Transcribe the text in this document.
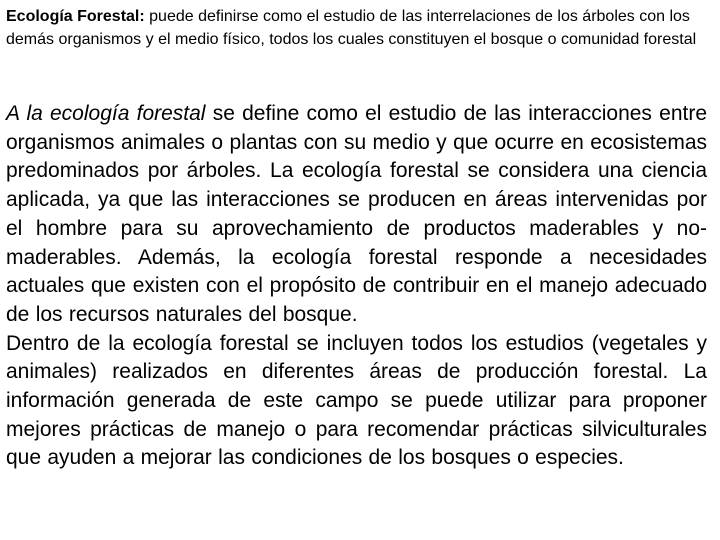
Ecología Forestal: puede definirse como el estudio de las interrelaciones de los árboles con los demás organismos y el medio físico, todos los cuales constituyen el bosque o comunidad forestal

A la ecología forestal se define como el estudio de las interacciones entre organismos animales o plantas con su medio y que ocurre en ecosistemas predominados por árboles. La ecología forestal se considera una ciencia aplicada, ya que las interacciones se producen en áreas intervenidas por el hombre para su aprovechamiento de productos maderables y no-maderables. Además, la ecología forestal responde a necesidades actuales que existen con el propósito de contribuir en el manejo adecuado de los recursos naturales del bosque.
Dentro de la ecología forestal se incluyen todos los estudios (vegetales y animales) realizados en diferentes áreas de producción forestal. La información generada de este campo se puede utilizar para proponer mejores prácticas de manejo o para recomendar prácticas silviculturales que ayuden a mejorar las condiciones de los bosques o especies.
